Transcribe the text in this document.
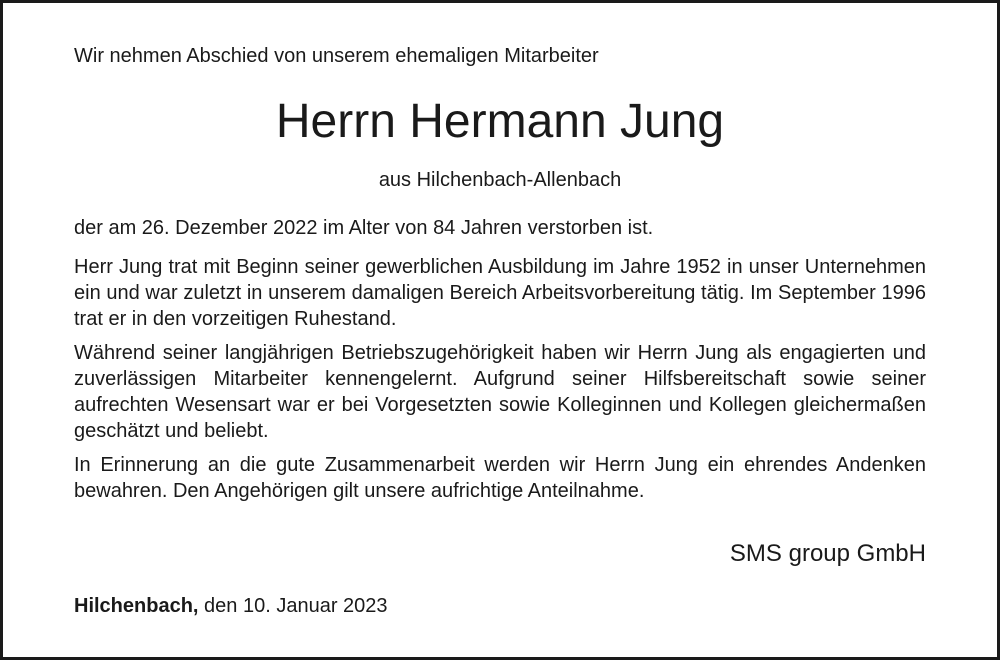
Wir nehmen Abschied von unserem ehemaligen Mitarbeiter
Herrn Hermann Jung
aus Hilchenbach-Allenbach
der am 26. Dezember 2022 im Alter von 84 Jahren verstorben ist.
Herr Jung trat mit Beginn seiner gewerblichen Ausbildung im Jahre 1952 in unser Unternehmen ein und war zuletzt in unserem damaligen Bereich Arbeitsvorbereitung tätig. Im September 1996 trat er in den vorzeitigen Ruhestand.
Während seiner langjährigen Betriebszugehörigkeit haben wir Herrn Jung als engagierten und zuverlässigen Mitarbeiter kennengelernt. Aufgrund seiner Hilfsbereitschaft sowie seiner aufrechten Wesensart war er bei Vorgesetzten sowie Kolleginnen und Kollegen gleichermaßen geschätzt und beliebt.
In Erinnerung an die gute Zusammenarbeit werden wir Herrn Jung ein ehrendes Andenken bewahren. Den Angehörigen gilt unsere aufrichtige Anteilnahme.
SMS group GmbH
Hilchenbach, den 10. Januar 2023
